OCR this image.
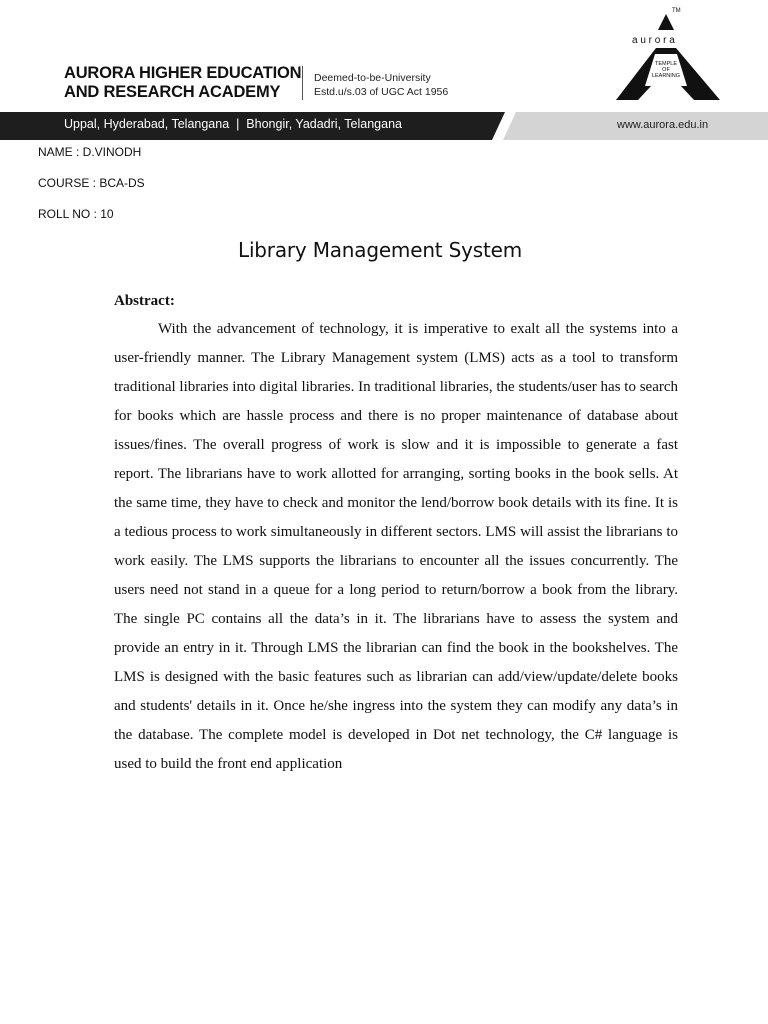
AURORA HIGHER EDUCATION
AND RESEARCH ACADEMY
Deemed-to-be-University
Estd.u/s.03 of UGC Act 1956
TM
a u r o r a
TEMPLE
OF
LEARNING
Uppal, Hyderabad, Telangana  |  Bhongir, Yadadri, Telangana	www.aurora.edu.in
NAME : D.VINODH
COURSE : BCA-DS
ROLL NO : 10
Library Management System
Abstract:

With the advancement of technology, it is imperative to exalt all the systems into a user-friendly manner. The Library Management system (LMS) acts as a tool to transform traditional libraries into digital libraries. In traditional libraries, the students/user has to search for books which are hassle process and there is no proper maintenance of database about issues/fines. The overall progress of work is slow and it is impossible to generate a fast report. The librarians have to work allotted for arranging, sorting books in the book sells. At the same time, they have to check and monitor the lend/borrow book details with its fine. It is a tedious process to work simultaneously in different sectors. LMS will assist the librarians to work easily. The LMS supports the librarians to encounter all the issues concurrently. The users need not stand in a queue for a long period to return/borrow a book from the library. The single PC contains all the data’s in it. The librarians have to assess the system and provide an entry in it. Through LMS the librarian can find the book in the bookshelves. The LMS is designed with the basic features such as librarian can add/view/update/delete books and students' details in it. Once he/she ingress into the system they can modify any data’s in the database. The complete model is developed in Dot net technology, the C# language is used to build the front end application
